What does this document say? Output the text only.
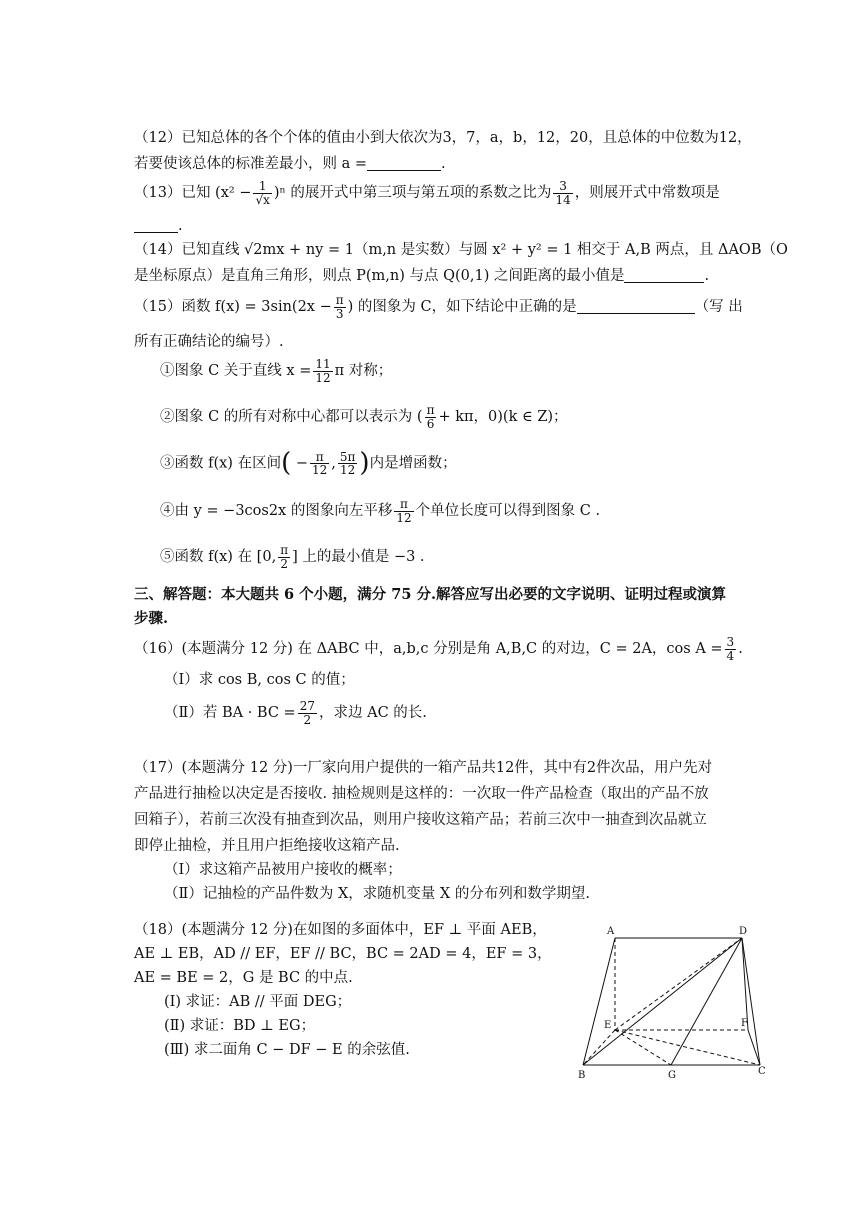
（12）已知总体的各个个体的值由小到大依次为3，7，a，b，12，20，且总体的中位数为12，
若要使该总体的标准差最小，则 a =	.
（13）已知 $(x^2 - \frac{1}{√x} )^n$ 的展开式中第三项与第五项的系数之比为 $\frac{3}{14}$ ，则展开式中常数项是
.
（14）已知直线 √2mx + ny = 1（m,n 是实数）与圆 x² + y² = 1 相交于 A,B 两点，且 ΔAOB（O
是坐标原点）是直角三角形，则点 P(m,n) 与点 Q(0,1) 之间距离的最小值是	.
（15）函数 $f(x) = 3\sin(2x - \frac{\pi}{3}$ ) 的图象为 C，如下结论中正确的是	（写 出
所有正确结论的编号）.
①图象 C 关于直线 $x = \frac{11}{12}$ π 对称；
②图象 C 的所有对称中心都可以表示为 ( $\frac{\pi}{6} + k\pi$，0)(k ∈ Z)；
③函数 f(x) 在区间( − $\frac{\pi}{12}$ , $\frac{5\pi}{12}$ )内是增函数；
④由 y = −3cos2x 的图象向左平移 $\frac{\pi}{12}$ 个单位长度可以得到图象 C .
⑤函数 f(x) 在 [0, $\frac{\pi}{2}$ ] 上的最小值是 −3 .
三、解答题：本大题共 6 个小题，满分 75 分.解答应写出必要的文字说明、证明过程或演算
步骤.
（16）(本题满分 12 分) 在 ΔABC 中，a,b,c 分别是角 A,B,C 的对边，C = 2A，$\cos A = \frac{3}{4}$ .
（Ⅰ）求 cos B, cos C 的值；
（Ⅱ）若 BA · BC = $\frac{27}{2}$ ，求边 AC 的长.
（17）(本题满分 12 分)一厂家向用户提供的一箱产品共12件，其中有2件次品，用户先对
产品进行抽检以决定是否接收. 抽检规则是这样的：一次取一件产品检查（取出的产品不放
回箱子），若前三次没有抽查到次品，则用户接收这箱产品；若前三次中一抽查到次品就立
即停止抽检，并且用户拒绝接收这箱产品.
（Ⅰ）求这箱产品被用户接收的概率；
（Ⅱ）记抽检的产品件数为 X，求随机变量 X 的分布列和数学期望.
（18）(本题满分 12 分)在如图的多面体中，EF ⊥ 平面 AEB，
AE ⊥ EB，AD // EF，EF // BC，BC = 2AD = 4，EF = 3，
AE = BE = 2，G 是 BC 的中点.
(Ⅰ) 求证：AB // 平面 DEG；
(Ⅱ) 求证：BD ⊥ EG；
(Ⅲ) 求二面角 C − DF − E 的余弦值.
A	D
E	F
B	G	C
